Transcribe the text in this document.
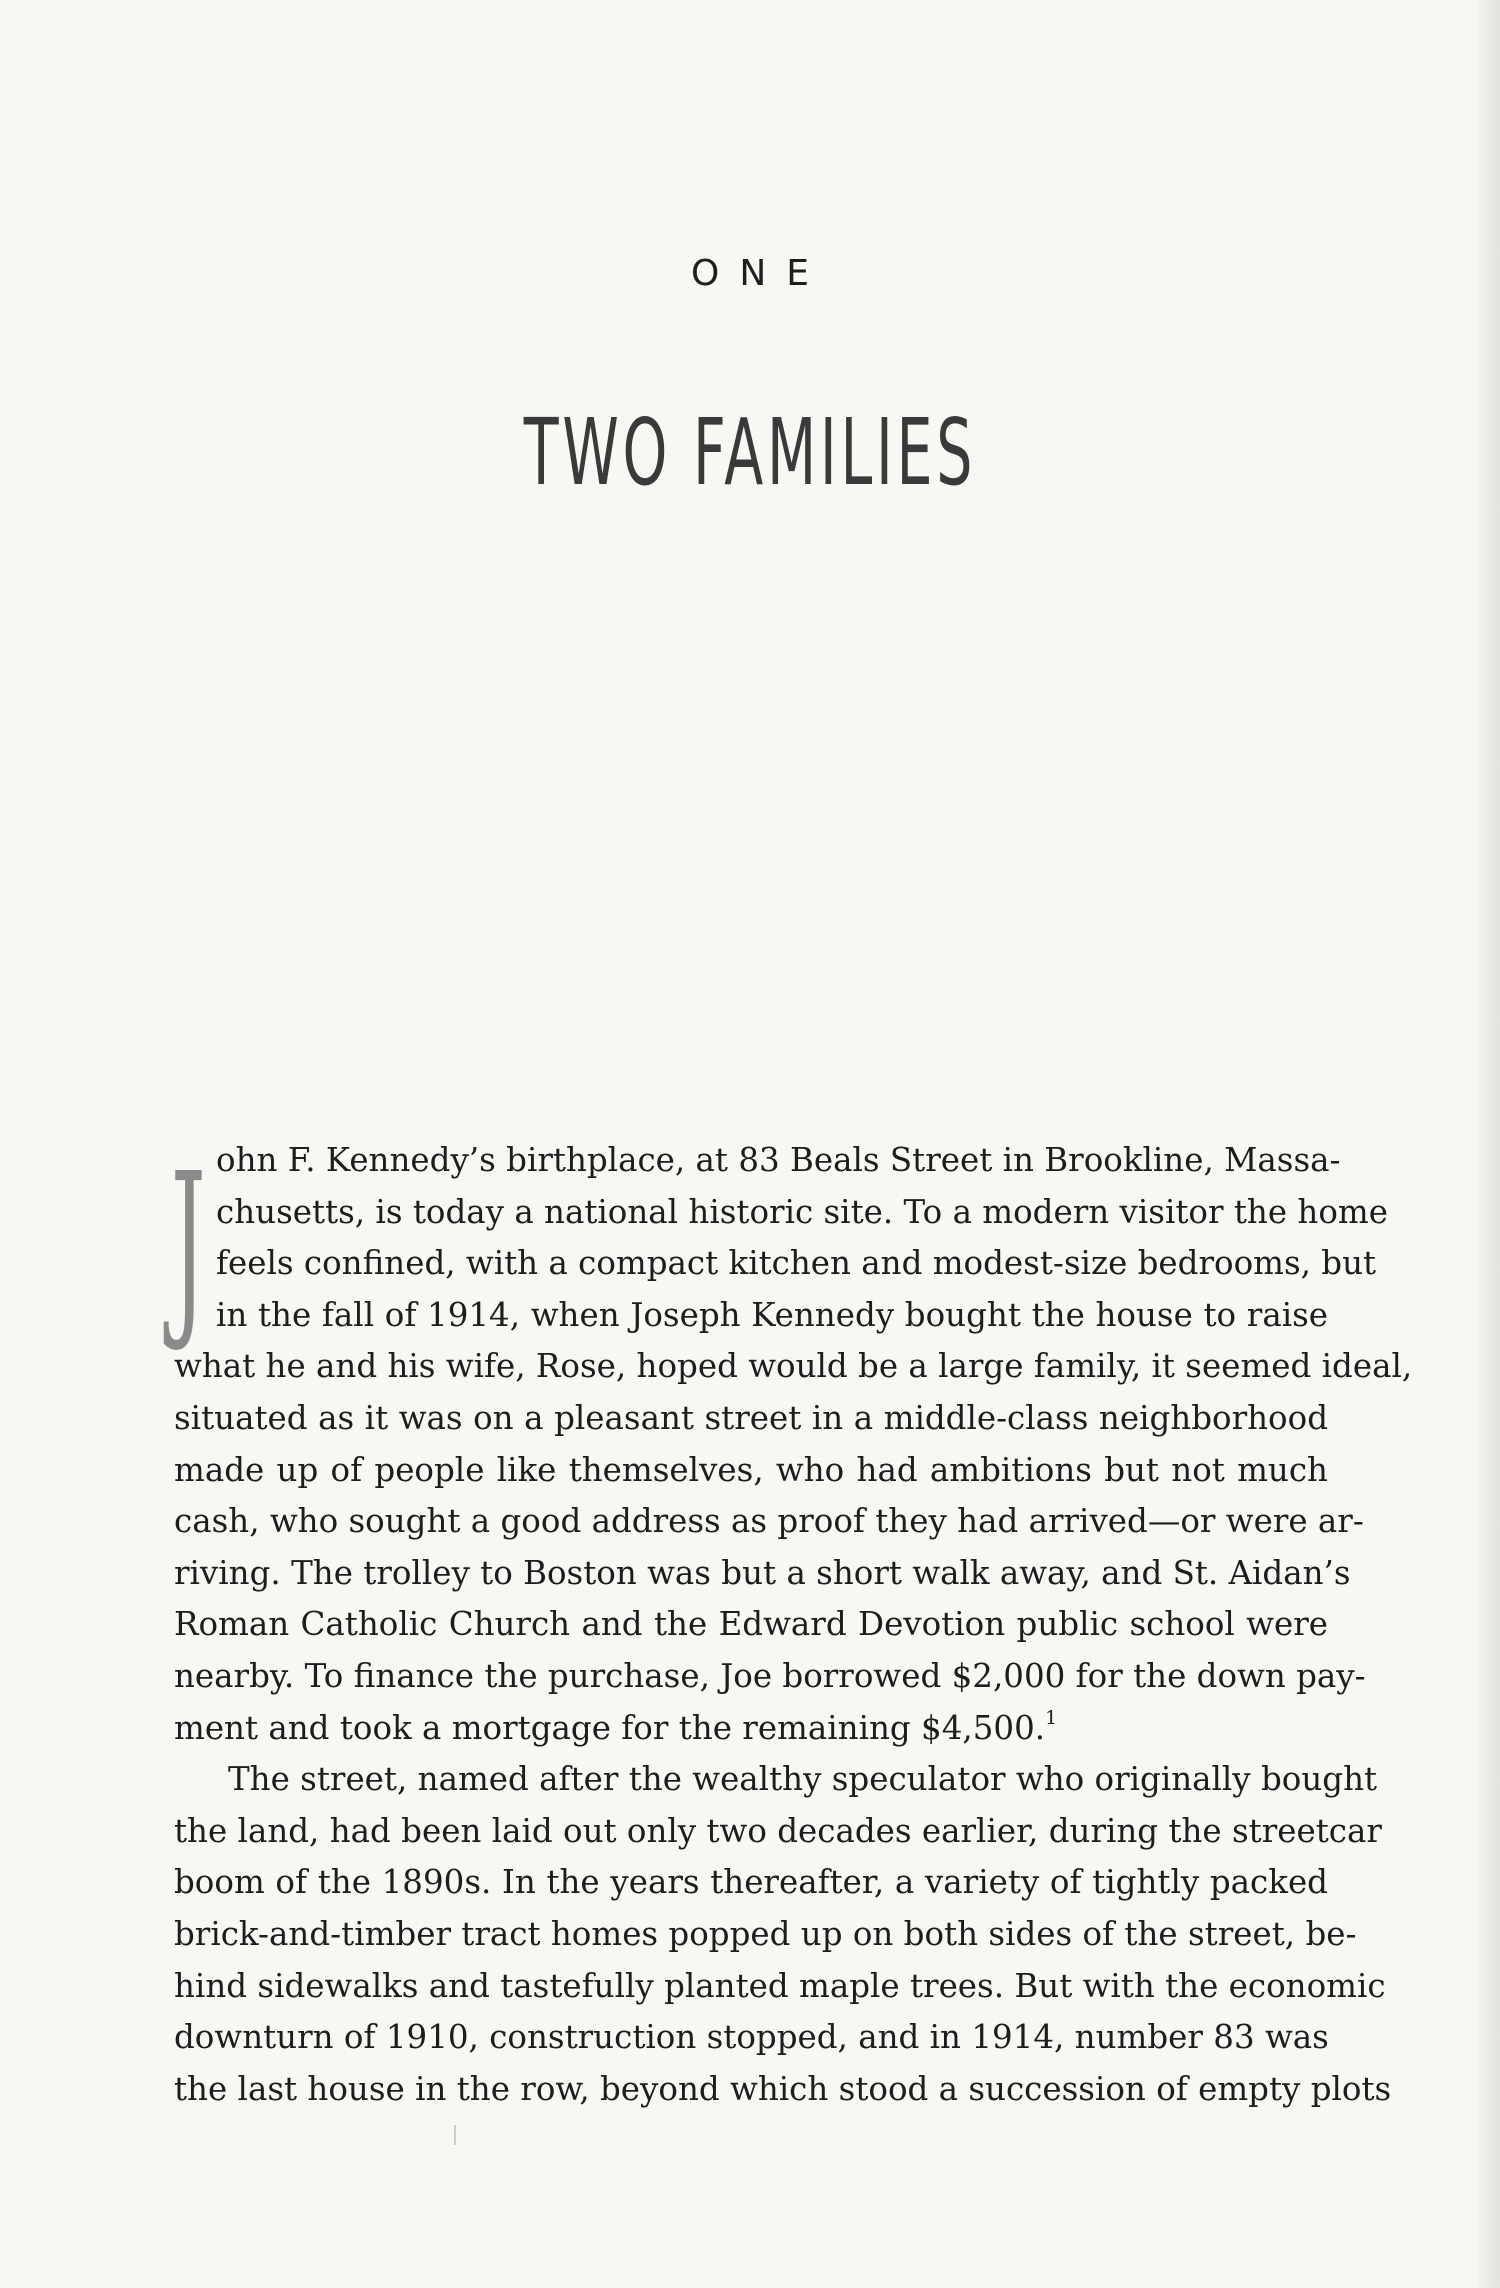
ONE
TWO FAMILIES
J ohn F. Kennedy’s birthplace, at 83 Beals Street in Brookline, Massa-
chusetts, is today a national historic site. To a modern visitor the home
feels confined, with a compact kitchen and modest-size bedrooms, but
in the fall of 1914, when Joseph Kennedy bought the house to raise
what he and his wife, Rose, hoped would be a large family, it seemed ideal,
situated as it was on a pleasant street in a middle-class neighborhood
made up of people like themselves, who had ambitions but not much
cash, who sought a good address as proof they had arrived—or were ar-
riving. The trolley to Boston was but a short walk away, and St. Aidan’s
Roman Catholic Church and the Edward Devotion public school were
nearby. To finance the purchase, Joe borrowed $2,000 for the down pay-
ment and took a mortgage for the remaining $4,500.$^1$
The street, named after the wealthy speculator who originally bought
the land, had been laid out only two decades earlier, during the streetcar
boom of the 1890s. In the years thereafter, a variety of tightly packed
brick-and-timber tract homes popped up on both sides of the street, be-
hind sidewalks and tastefully planted maple trees. But with the economic
downturn of 1910, construction stopped, and in 1914, number 83 was
the last house in the row, beyond which stood a succession of empty plots
